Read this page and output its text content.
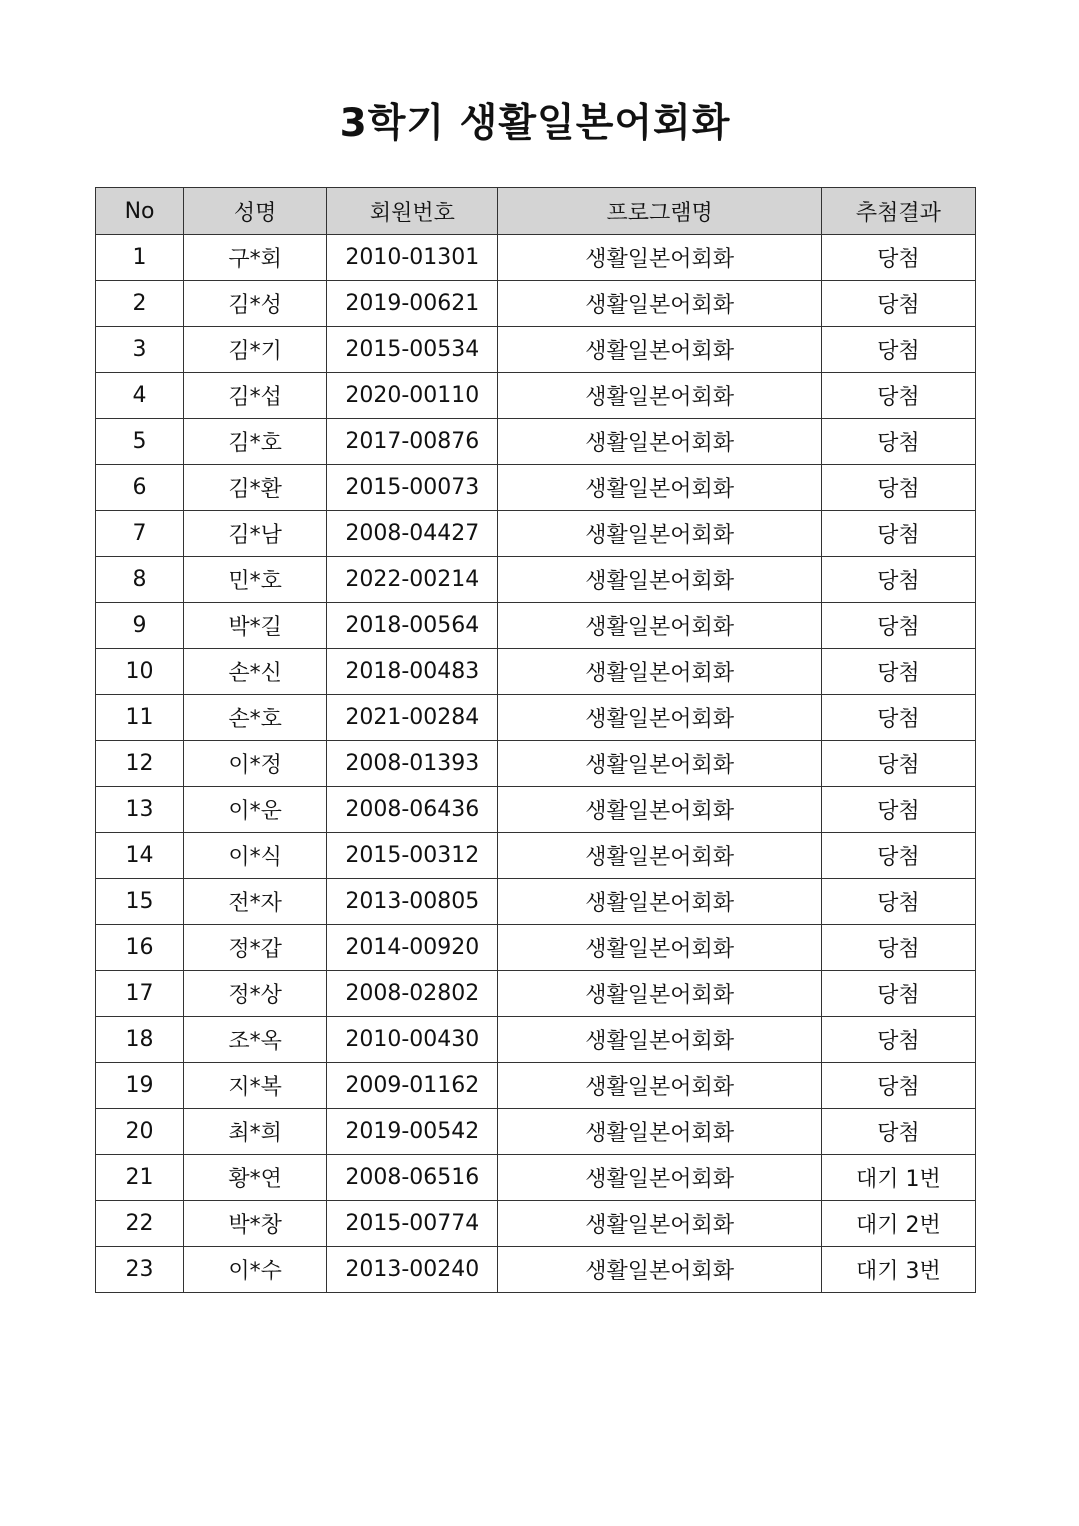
3학기 생활일본어회화
No	성명	회원번호	프로그램명	추첨결과
1	구*회	2010-01301	생활일본어회화	당첨
2	김*성	2019-00621	생활일본어회화	당첨
3	김*기	2015-00534	생활일본어회화	당첨
4	김*섭	2020-00110	생활일본어회화	당첨
5	김*호	2017-00876	생활일본어회화	당첨
6	김*환	2015-00073	생활일본어회화	당첨
7	김*남	2008-04427	생활일본어회화	당첨
8	민*호	2022-00214	생활일본어회화	당첨
9	박*길	2018-00564	생활일본어회화	당첨
10	손*신	2018-00483	생활일본어회화	당첨
11	손*호	2021-00284	생활일본어회화	당첨
12	이*정	2008-01393	생활일본어회화	당첨
13	이*운	2008-06436	생활일본어회화	당첨
14	이*식	2015-00312	생활일본어회화	당첨
15	전*자	2013-00805	생활일본어회화	당첨
16	정*갑	2014-00920	생활일본어회화	당첨
17	정*상	2008-02802	생활일본어회화	당첨
18	조*옥	2010-00430	생활일본어회화	당첨
19	지*복	2009-01162	생활일본어회화	당첨
20	최*희	2019-00542	생활일본어회화	당첨
21	황*연	2008-06516	생활일본어회화	대기 1번
22	박*창	2015-00774	생활일본어회화	대기 2번
23	이*수	2013-00240	생활일본어회화	대기 3번
